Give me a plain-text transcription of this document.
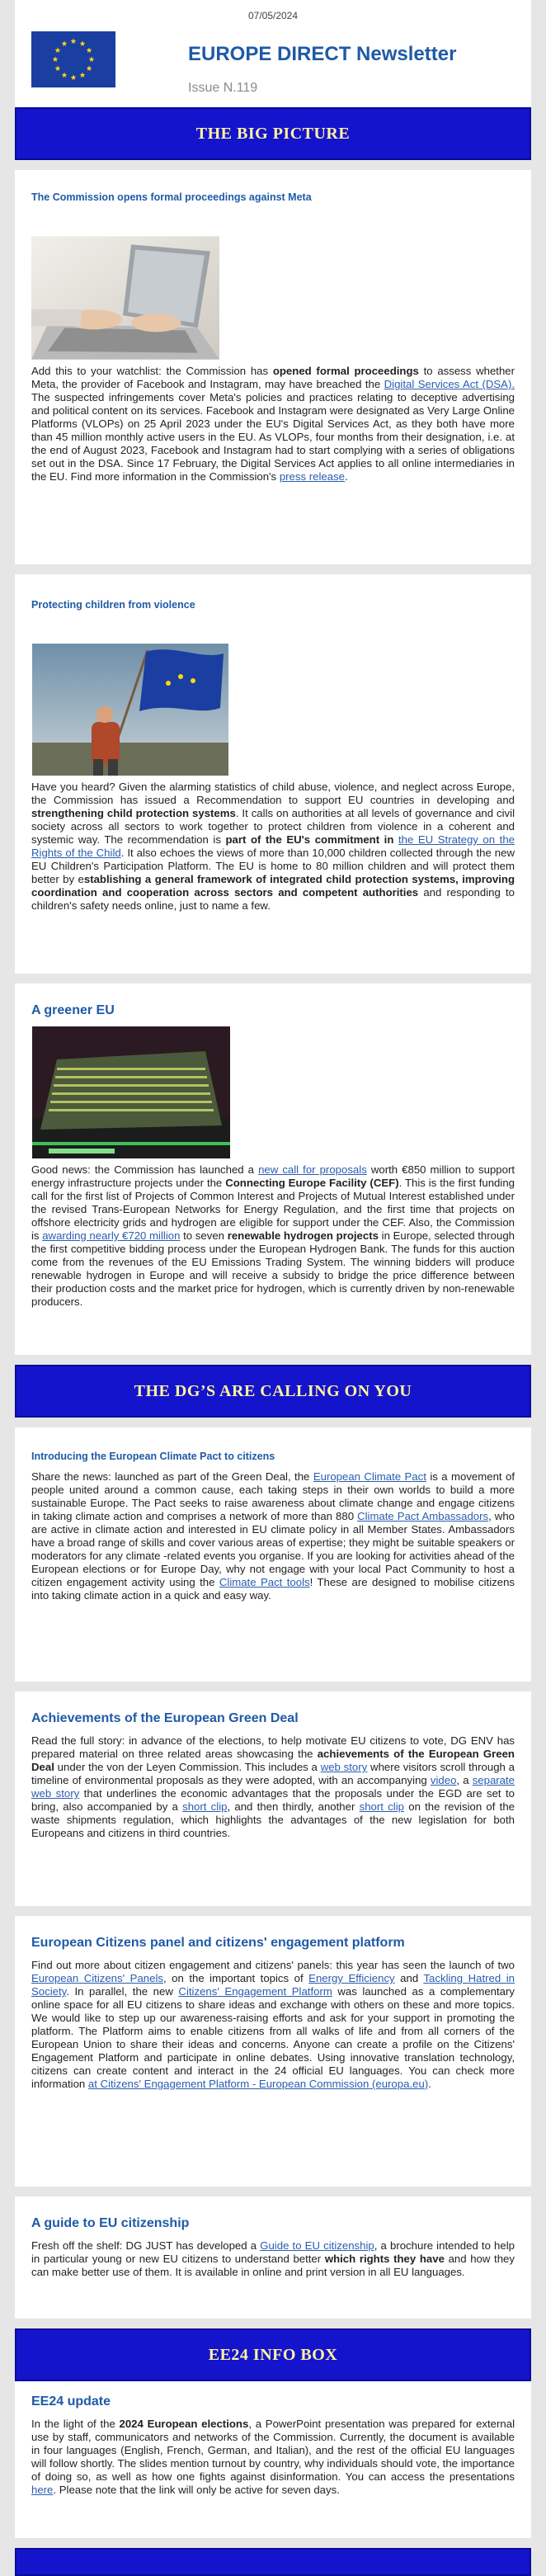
07/05/2024
EUROPE DIRECT Newsletter
Issue N.119
THE BIG PICTURE
The Commission opens formal proceedings against Meta

Add this to your watchlist: the Commission has opened formal proceedings to assess whether Meta, the provider of Facebook and Instagram, may have breached the Digital Services Act (DSA). The suspected infringements cover Meta's policies and practices relating to deceptive advertising and political content on its services. Facebook and Instagram were designated as Very Large Online Platforms (VLOPs) on 25 April 2023 under the EU's Digital Services Act, as they both have more than 45 million monthly active users in the EU. As VLOPs, four months from their designation, i.e. at the end of August 2023, Facebook and Instagram had to start complying with a series of obligations set out in the DSA. Since 17 February, the Digital Services Act applies to all online intermediaries in the EU. Find more information in the Commission's press release.

Protecting children from violence

Have you heard? Given the alarming statistics of child abuse, violence, and neglect across Europe, the Commission has issued a Recommendation to support EU countries in developing and strengthening child protection systems. It calls on authorities at all levels of governance and civil society across all sectors to work together to protect children from violence in a coherent and systemic way. The recommendation is part of the EU's commitment in the EU Strategy on the Rights of the Child. It also echoes the views of more than 10,000 children collected through the new EU Children's Participation Platform. The EU is home to 80 million children and will protect them better by establishing a general framework of integrated child protection systems, improving coordination and cooperation across sectors and competent authorities and responding to children's safety needs online, just to name a few.

A greener EU

Good news: the Commission has launched a new call for proposals worth €850 million to support energy infrastructure projects under the Connecting Europe Facility (CEF). This is the first funding call for the first list of Projects of Common Interest and Projects of Mutual Interest established under the revised Trans-European Networks for Energy Regulation, and the first time that projects on offshore electricity grids and hydrogen are eligible for support under the CEF. Also, the Commission is awarding nearly €720 million to seven renewable hydrogen projects in Europe, selected through the first competitive bidding process under the European Hydrogen Bank. The funds for this auction come from the revenues of the EU Emissions Trading System. The winning bidders will produce renewable hydrogen in Europe and will receive a subsidy to bridge the price difference between their production costs and the market price for hydrogen, which is currently driven by non-renewable producers.

THE DG’S ARE CALLING ON YOU
Introducing the European Climate Pact to citizens

Share the news: launched as part of the Green Deal, the European Climate Pact is a movement of people united around a common cause, each taking steps in their own worlds to build a more sustainable Europe. The Pact seeks to raise awareness about climate change and engage citizens in taking climate action and comprises a network of more than 880 Climate Pact Ambassadors, who are active in climate action and interested in EU climate policy in all Member States. Ambassadors have a broad range of skills and cover various areas of expertise; they might be suitable speakers or moderators for any climate -related events you organise. If you are looking for activities ahead of the European elections or for Europe Day, why not engage with your local Pact Community to host a citizen engagement activity using the Climate Pact tools! These are designed to mobilise citizens into taking climate action in a quick and easy way.

Achievements of the European Green Deal

Read the full story: in advance of the elections, to help motivate EU citizens to vote, DG ENV has prepared material on three related areas showcasing the achievements of the European Green Deal under the von der Leyen Commission. This includes a web story where visitors scroll through a timeline of environmental proposals as they were adopted, with an accompanying video, a separate web story that underlines the economic advantages that the proposals under the EGD are set to bring, also accompanied by a short clip, and then thirdly, another short clip on the revision of the waste shipments regulation, which highlights the advantages of the new legislation for both Europeans and citizens in third countries.

European Citizens panel and citizens' engagement platform

Find out more about citizen engagement and citizens' panels: this year has seen the launch of two European Citizens' Panels, on the important topics of Energy Efficiency and Tackling Hatred in Society. In parallel, the new Citizens' Engagement Platform was launched as a complementary online space for all EU citizens to share ideas and exchange with others on these and more topics. We would like to step up our awareness-raising efforts and ask for your support in promoting the platform. The Platform aims to enable citizens from all walks of life and from all corners of the European Union to share their ideas and concerns. Anyone can create a profile on the Citizens' Engagement Platform and participate in online debates. Using innovative translation technology, citizens can create content and interact in the 24 official EU languages. You can check more information at Citizens' Engagement Platform - European Commission (europa.eu).

A guide to EU citizenship

Fresh off the shelf: DG JUST has developed a Guide to EU citizenship, a brochure intended to help in particular young or new EU citizens to understand better which rights they have and how they can make better use of them. It is available in online and print version in all EU languages.

EE24 INFO BOX
EE24 update

In the light of the 2024 European elections, a PowerPoint presentation was prepared for external use by staff, communicators and networks of the Commission. Currently, the document is available in four languages (English, French, German, and Italian), and the rest of the official EU languages will follow shortly. The slides mention turnout by country, why individuals should vote, the importance of doing so, as well as how one fights against disinformation. You can access the presentations here. Please note that the link will only be active for seven days.
